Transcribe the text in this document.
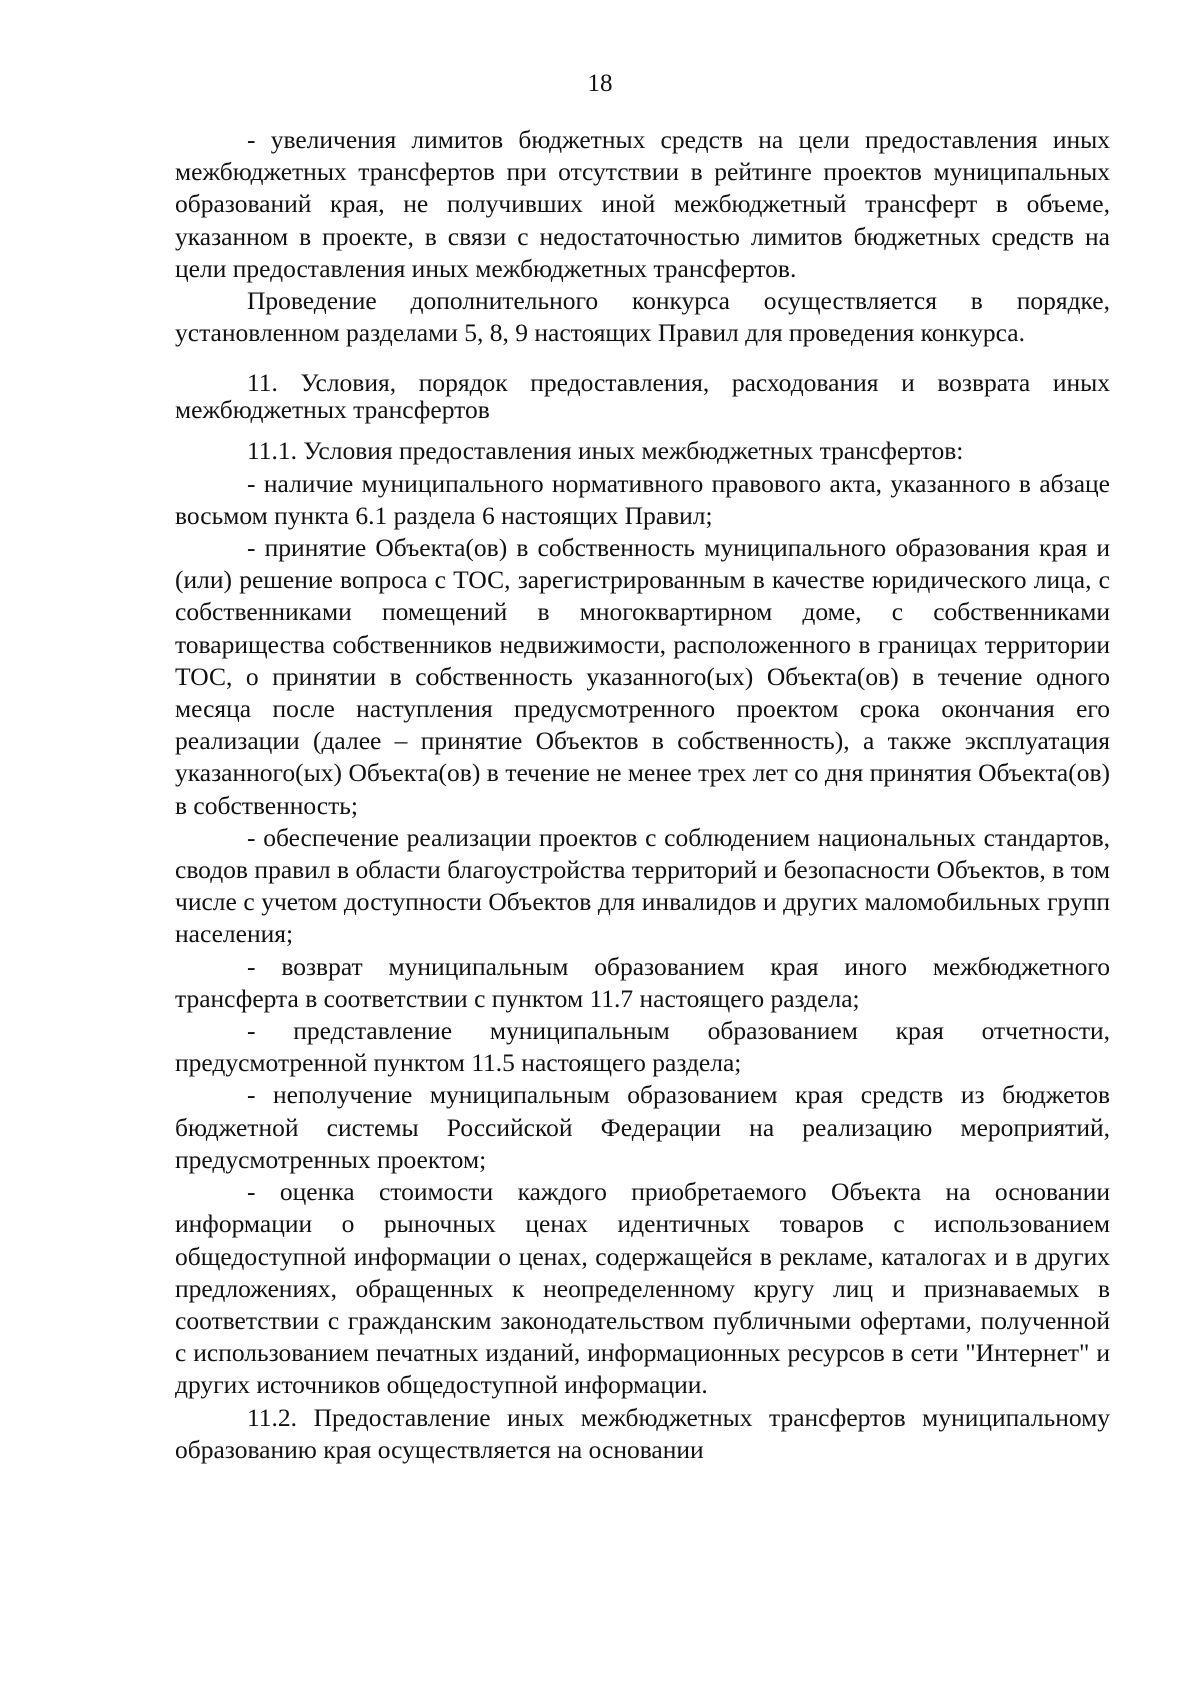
18

- увеличения лимитов бюджетных средств на цели предоставления иных межбюджетных трансфертов при отсутствии в рейтинге проектов муниципальных образований края, не получивших иной межбюджетный трансферт в объеме, указанном в проекте, в связи с недостаточностью лимитов бюджетных средств на цели предоставления иных межбюджетных трансфертов.

Проведение дополнительного конкурса осуществляется в порядке, установленном разделами 5, 8, 9 настоящих Правил для проведения конкурса.

11. Условия, порядок предоставления, расходования и возврата иных межбюджетных трансфертов

11.1. Условия предоставления иных межбюджетных трансфертов:

- наличие муниципального нормативного правового акта, указанного в абзаце восьмом пункта 6.1 раздела 6 настоящих Правил;

- принятие Объекта(ов) в собственность муниципального образования края и (или) решение вопроса с ТОС, зарегистрированным в качестве юридического лица, с собственниками помещений в многоквартирном доме, с собственниками товарищества собственников недвижимости, расположенного в границах территории ТОС, о принятии в собственность указанного(ых) Объекта(ов) в течение одного месяца после наступления предусмотренного проектом срока окончания его реализации (далее – принятие Объектов в собственность), а также эксплуатация указанного(ых) Объекта(ов) в течение не менее трех лет со дня принятия Объекта(ов) в собственность;

- обеспечение реализации проектов с соблюдением национальных стандартов, сводов правил в области благоустройства территорий и безопасности Объектов, в том числе с учетом доступности Объектов для инвалидов и других маломобильных групп населения;

- возврат муниципальным образованием края иного межбюджетного трансферта в соответствии с пунктом 11.7 настоящего раздела;

- представление муниципальным образованием края отчетности, предусмотренной пунктом 11.5 настоящего раздела;

- неполучение муниципальным образованием края средств из бюджетов бюджетной системы Российской Федерации на реализацию мероприятий, предусмотренных проектом;

- оценка стоимости каждого приобретаемого Объекта на основании информации о рыночных ценах идентичных товаров с использованием общедоступной информации о ценах, содержащейся в рекламе, каталогах и в других предложениях, обращенных к неопределенному кругу лиц и признаваемых в соответствии с гражданским законодательством публичными офертами, полученной с использованием печатных изданий, информационных ресурсов в сети "Интернет" и других источников общедоступной информации.

11.2. Предоставление иных межбюджетных трансфертов муниципальному образованию края осуществляется на основании
